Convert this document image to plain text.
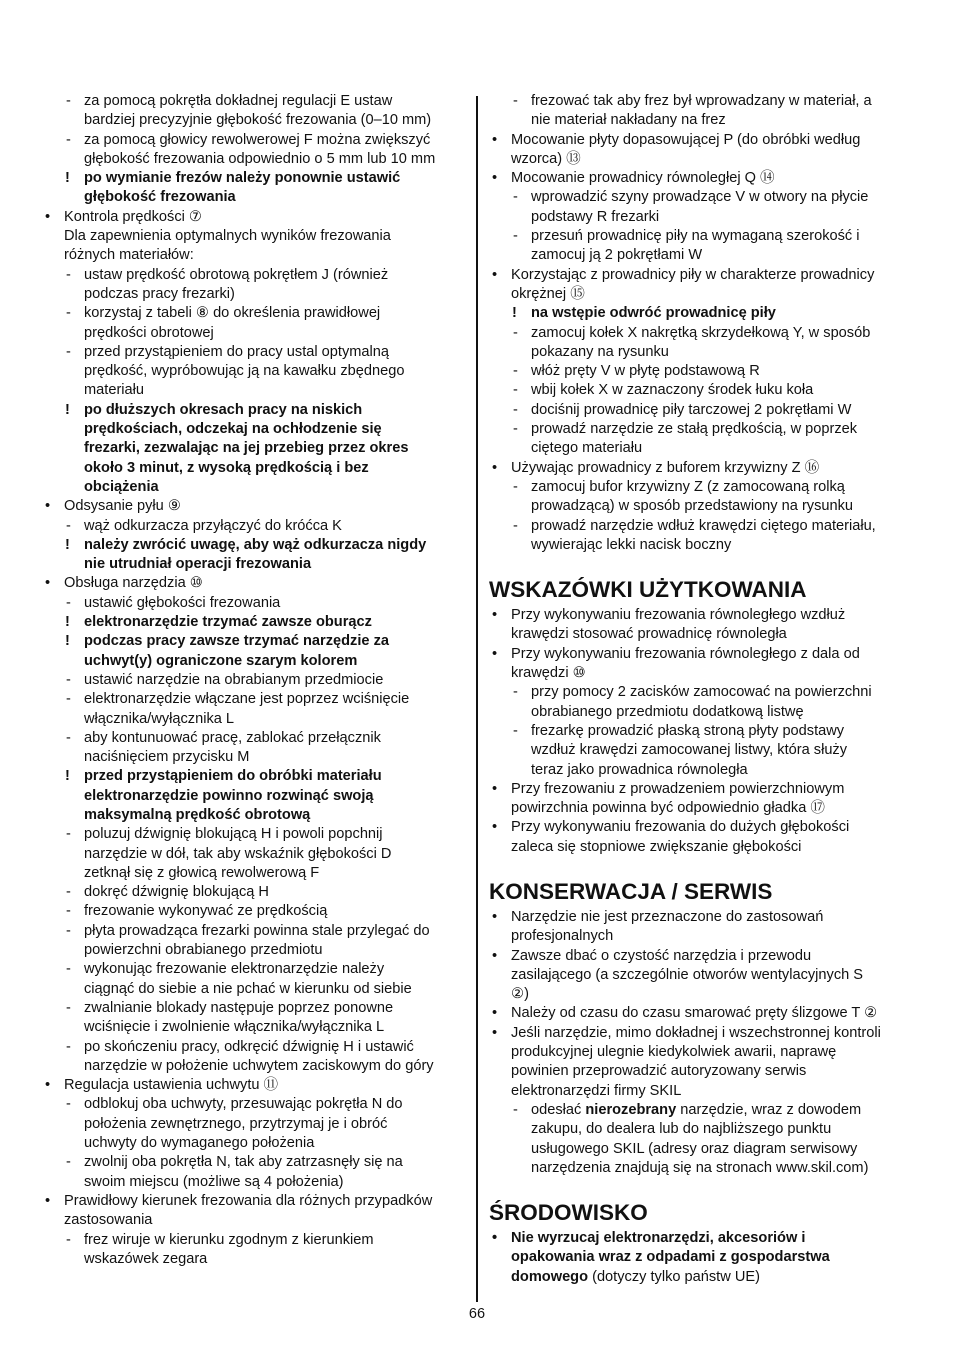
- za pomocą pokrętła dokładnej regulacji E ustaw
bardziej precyzyjnie głębokość frezowania (0–10 mm)
- za pomocą głowicy rewolwerowej F można zwiększyć
głębokość frezowania odpowiednio o 5 mm lub 10 mm
! po wymianie frezów należy ponownie ustawić
głębokość frezowania
• Kontrola prędkości ⑦
Dla zapewnienia optymalnych wyników frezowania
różnych materiałów:
- ustaw prędkość obrotową pokrętłem J (również
podczas pracy frezarki)
- korzystaj z tabeli ⑧ do określenia prawidłowej
prędkości obrotowej
- przed przystąpieniem do pracy ustal optymalną
prędkość, wypróbowując ją na kawałku zbędnego
materiału
! po dłuższych okresach pracy na niskich
prędkościach, odczekaj na ochłodzenie się
frezarki, zezwalając na jej przebieg przez okres
około 3 minut, z wysoką prędkością i bez
obciążenia
• Odsysanie pyłu ⑨
- wąż odkurzacza przyłączyć do króćca K
! należy zwrócić uwagę, aby wąż odkurzacza nigdy
nie utrudniał operacji frezowania
• Obsługa narzędzia ⑩
- ustawić głębokości frezowania
! elektronarzędzie trzymać zawsze oburącz
! podczas pracy zawsze trzymać narzędzie za
uchwyt(y) ograniczone szarym kolorem
- ustawić narzędzie na obrabianym przedmiocie
- elektronarzędzie włączane jest poprzez wciśnięcie
włącznika/wyłącznika L
- aby kontunuować pracę, zablokać przełącznik
naciśnięciem przycisku M
! przed przystąpieniem do obróbki materiału
elektronarzędzie powinno rozwinąć swoją
maksymalną prędkość obrotową
- poluzuj dźwignię blokującą H i powoli popchnij
narzędzie w dół, tak aby wskaźnik głębokości D
zetknął się z głowicą rewolwerową F
- dokręć dźwignię blokującą H
- frezowanie wykonywać ze prędkością
- płyta prowadząca frezarki powinna stale przylegać do
powierzchni obrabianego przedmiotu
- wykonując frezowanie elektronarzędzie należy
ciągnąć do siebie a nie pchać w kierunku od siebie
- zwalnianie blokady następuje poprzez ponowne
wciśnięcie i zwolnienie włącznika/wyłącznika L
- po skończeniu pracy, odkręcić dźwignię H i ustawić
narzędzie w położenie uchwytem zaciskowym do góry
• Regulacja ustawienia uchwytu ⑪
- odblokuj oba uchwyty, przesuwając pokrętła N do
położenia zewnętrznego, przytrzymaj je i obróć
uchwyty do wymaganego położenia
- zwolnij oba pokrętła N, tak aby zatrzasnęły się na
swoim miejscu (możliwe są 4 położenia)
• Prawidłowy kierunek frezowania dla różnych przypadków
zastosowania
- frez wiruje w kierunku zgodnym z kierunkiem
wskazówek zegara
- frezować tak aby frez był wprowadzany w materiał, a
nie materiał nakładany na frez
• Mocowanie płyty dopasowującej P (do obróbki według
wzorca) ⑬
• Mocowanie prowadnicy równoległej Q ⑭
- wprowadzić szyny prowadzące V w otwory na płycie
podstawy R frezarki
- przesuń prowadnicę piły na wymaganą szerokość i
zamocuj ją 2 pokrętłami W
• Korzystając z prowadnicy piły w charakterze prowadnicy
okrężnej ⑮
! na wstępie odwróć prowadnicę piły
- zamocuj kołek X nakrętką skrzydełkową Y, w sposób
pokazany na rysunku
- włóż pręty V w płytę podstawową R
- wbij kołek X w zaznaczony środek łuku koła
- dociśnij prowadnicę piły tarczowej 2 pokrętłami W
- prowadź narzędzie ze stałą prędkością, w poprzek
ciętego materiału
• Używając prowadnicy z buforem krzywizny Z ⑯
- zamocuj bufor krzywizny Z (z zamocowaną rolką
prowadzącą) w sposób przedstawiony na rysunku
- prowadź narzędzie wdłuż krawędzi ciętego materiału,
wywierając lekki nacisk boczny
WSKAZÓWKI UŻYTKOWANIA
• Przy wykonywaniu frezowania równoległego wzdłuż
krawędzi stosować prowadnicę równoległa
• Przy wykonywaniu frezowania równoległego z dala od
krawędzi ⑩
- przy pomocy 2 zacisków zamocować na powierzchni
obrabianego przedmiotu dodatkową listwę
- frezarkę prowadzić płaską stroną płyty podstawy
wzdłuż krawędzi zamocowanej listwy, która służy
teraz jako prowadnica równoległa
• Przy frezowaniu z prowadzeniem powierzchniowym
powirzchnia powinna być odpowiednio gładka ⑰
• Przy wykonywaniu frezowania do dużych głębokości
zaleca się stopniowe zwiększanie głębokości
KONSERWACJA / SERWIS
• Narzędzie nie jest przeznaczone do zastosowań
profesjonalnych
• Zawsze dbać o czystość narzędzia i przewodu
zasilającego (a szczególnie otworów wentylacyjnych S
②)
• Należy od czasu do czasu smarować pręty ślizgowe T ②
• Jeśli narzędzie, mimo dokładnej i wszechstronnej kontroli
produkcyjnej ulegnie kiedykolwiek awarii, naprawę
powinien przeprowadzić autoryzowany serwis
elektronarzędzi firmy SKIL
- odesłać nierozebrany narzędzie, wraz z dowodem
zakupu, do dealera lub do najbliższego punktu
usługowego SKIL (adresy oraz diagram serwisowy
narzędzenia znajdują się na stronach www.skil.com)
ŚRODOWISKO
• Nie wyrzucaj elektronarzędzi, akcesoriów i
opakowania wraz z odpadami z gospodarstwa
domowego (dotyczy tylko państw UE)
66
